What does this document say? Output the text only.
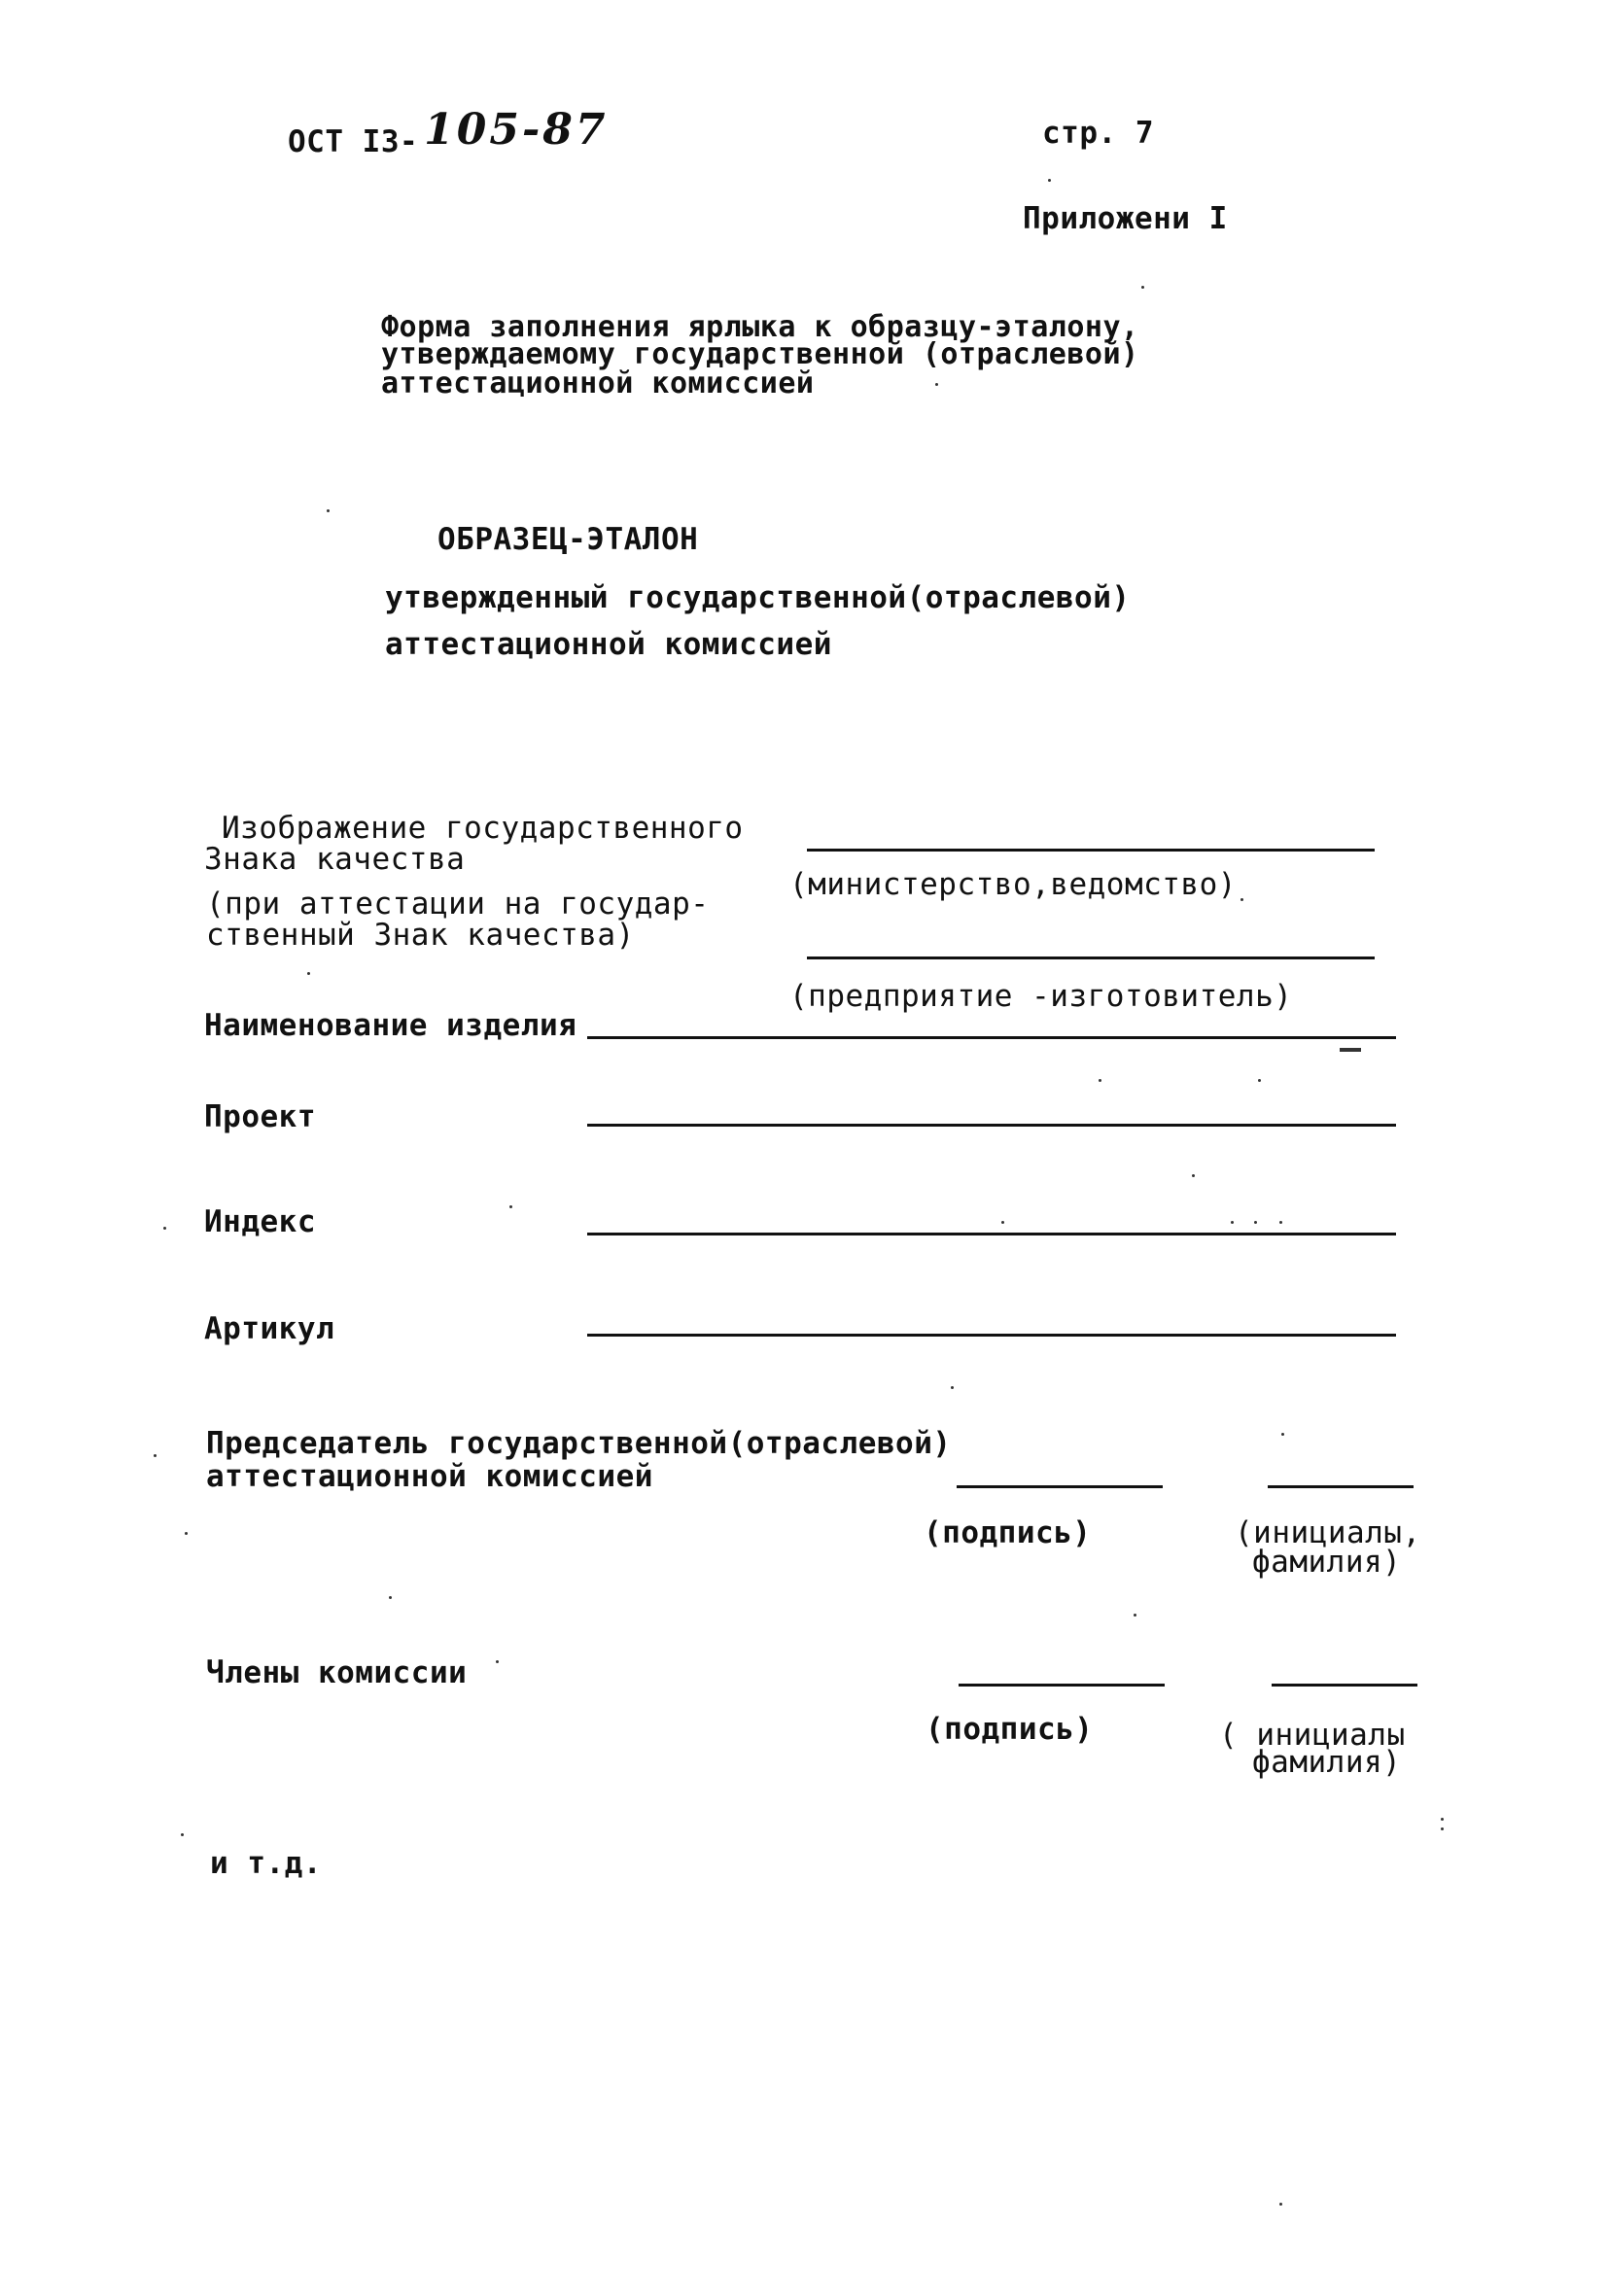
ОСТ I3- 105-87	стр. 7
Приложени I
Форма заполнения ярлыка к образцу-эталону,
утверждаемому государственной (отраслевой)
аттестационной комиссией
ОБРАЗЕЦ-ЭТАЛОН
утвержденный государственной(отраслевой)
аттестационной комиссией
Изображение государственного
Знака качества
(при аттестации на государ-
ственный Знак качества)
(министерство,ведомство)
(предприятие -изготовитель)
Наименование изделия
Проект
Индекс
Артикул
Председатель государственной(отраслевой)
аттестационной комиссией
(подпись)	(инициалы,
фамилия)
Члены комиссии
(подпись)	( инициалы
фамилия)
и т.д.
